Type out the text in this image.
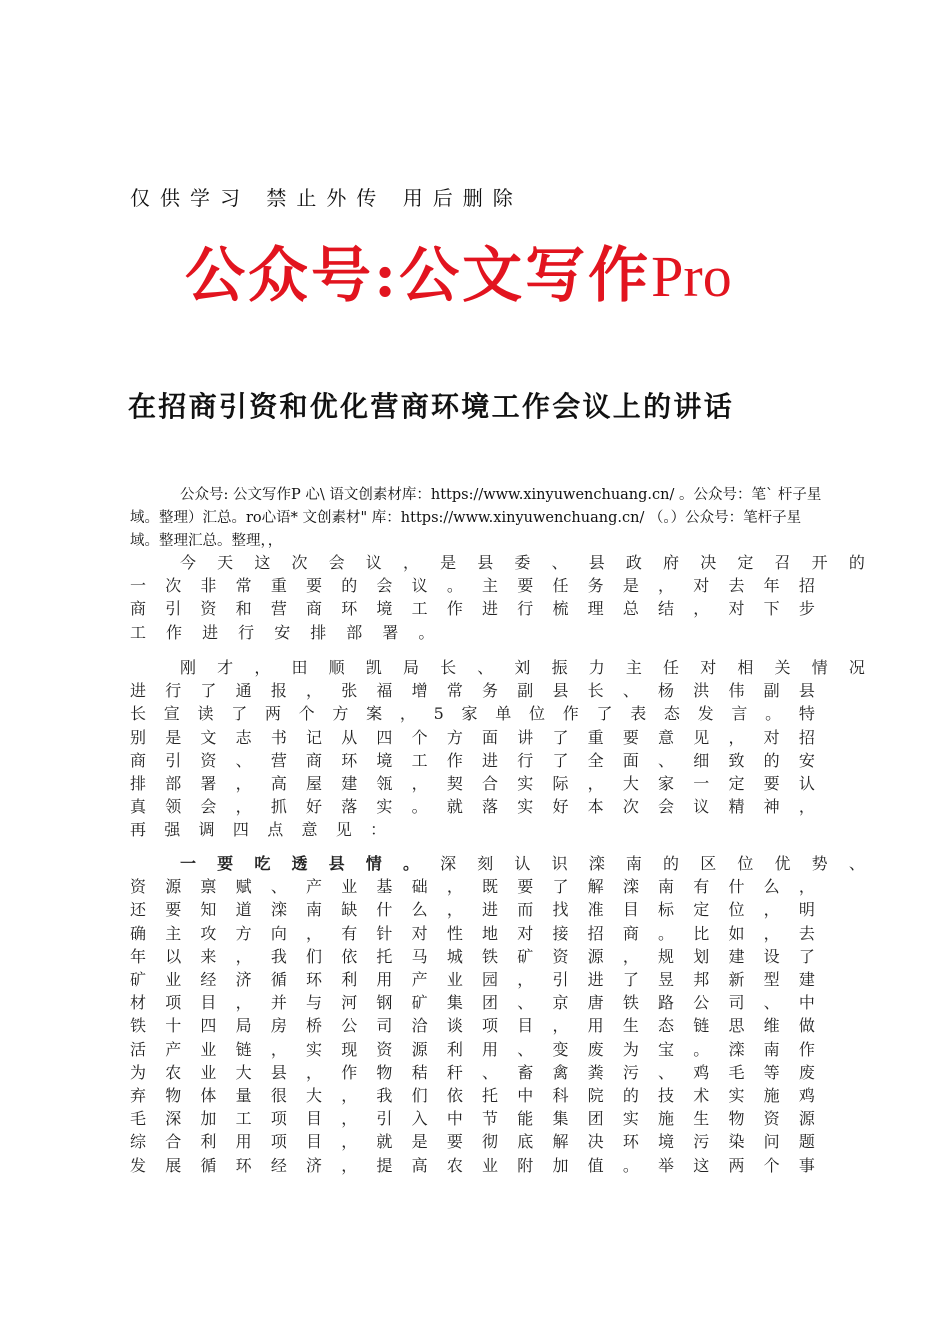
仅供学习 禁止外传 用后删除
公众号:公文写作Pro
在招商引资和优化营商环境工作会议上的讲话
公众号: 公文写作P 心\ 语文创素材库：https://www.xinyuwenchuang.cn/ 。公众号：笔` 杆子星域。整理）汇总。ro心语* 文创素材" 库：https://www.xinyuwenchuang.cn/ （。）公众号：笔杆子星域。整理汇总。整理，，
今 天 这 次 会 议 ， 是 县 委 、 县 政 府 决 定 召 开 的
一 次 非 常 重 要 的 会 议 。 主 要 任 务 是 ， 对 去 年 招
商 引 资 和 营 商 环 境 工 作 进 行 梳 理 总 结 ， 对 下 步
工	作	进	行	安	排	部	署	。
刚 才 ， 田 顺 凯 局 长 、 刘 振 力 主 任 对 相 关 情 况
进 行 了 通 报 ， 张 福 增 常 务 副 县 长 、 杨 洪 伟 副 县
长 宣 读 了 两 个 方 案 ， 5 家 单 位 作 了 表 态 发 言 。 特
别 是 文 志 书 记 从 四 个 方 面 讲 了 重 要 意 见 ， 对 招
商 引 资 、 营 商 环 境 工 作 进 行 了 全 面 、 细 致 的 安
排 部 署 ， 高 屋 建 瓴 ， 契 合 实 际 ， 大 家 一 定 要 认
真 领 会 ， 抓 好 落 实 。 就 落 实 好 本 次 会 议 精 神 ，
再	强	调	四	点	意	见	：
一 要 吃 透 县 情 。 深 刻 认 识 滦 南 的 区 位 优 势 、
资 源 禀 赋 、 产 业 基 础 ， 既 要 了 解 滦 南 有 什 么 ，
还 要 知 道 滦 南 缺 什 么 ， 进 而 找 准 目 标 定 位 ， 明
确 主 攻 方 向 ， 有 针 对 性 地 对 接 招 商 。 比 如 ， 去
年 以 来 ， 我 们 依 托 马 城 铁 矿 资 源 ， 规 划 建 设 了
矿 业 经 济 循 环 利 用 产 业 园 ， 引 进 了 昱 邦 新 型 建
材 项 目 ， 并 与 河 钢 矿 集 团 、 京 唐 铁 路 公 司 、 中
铁 十 四 局 房 桥 公 司 洽 谈 项 目 ， 用 生 态 链 思 维 做
活 产 业 链 ， 实 现 资 源 利 用 、 变 废 为 宝 。 滦 南 作
为 农 业 大 县 ， 作 物 秸 秆 、 畜 禽 粪 污 、 鸡 毛 等 废
弃 物 体 量 很 大 ， 我 们 依 托 中 科 院 的 技 术 实 施 鸡
毛 深 加 工 项 目 ， 引 入 中 节 能 集 团 实 施 生 物 资 源
综 合 利 用 项 目 ， 就 是 要 彻 底 解 决 环 境 污 染 问 题
发 展 循 环 经 济 ， 提 高 农 业 附 加 值 。 举 这 两 个 事
